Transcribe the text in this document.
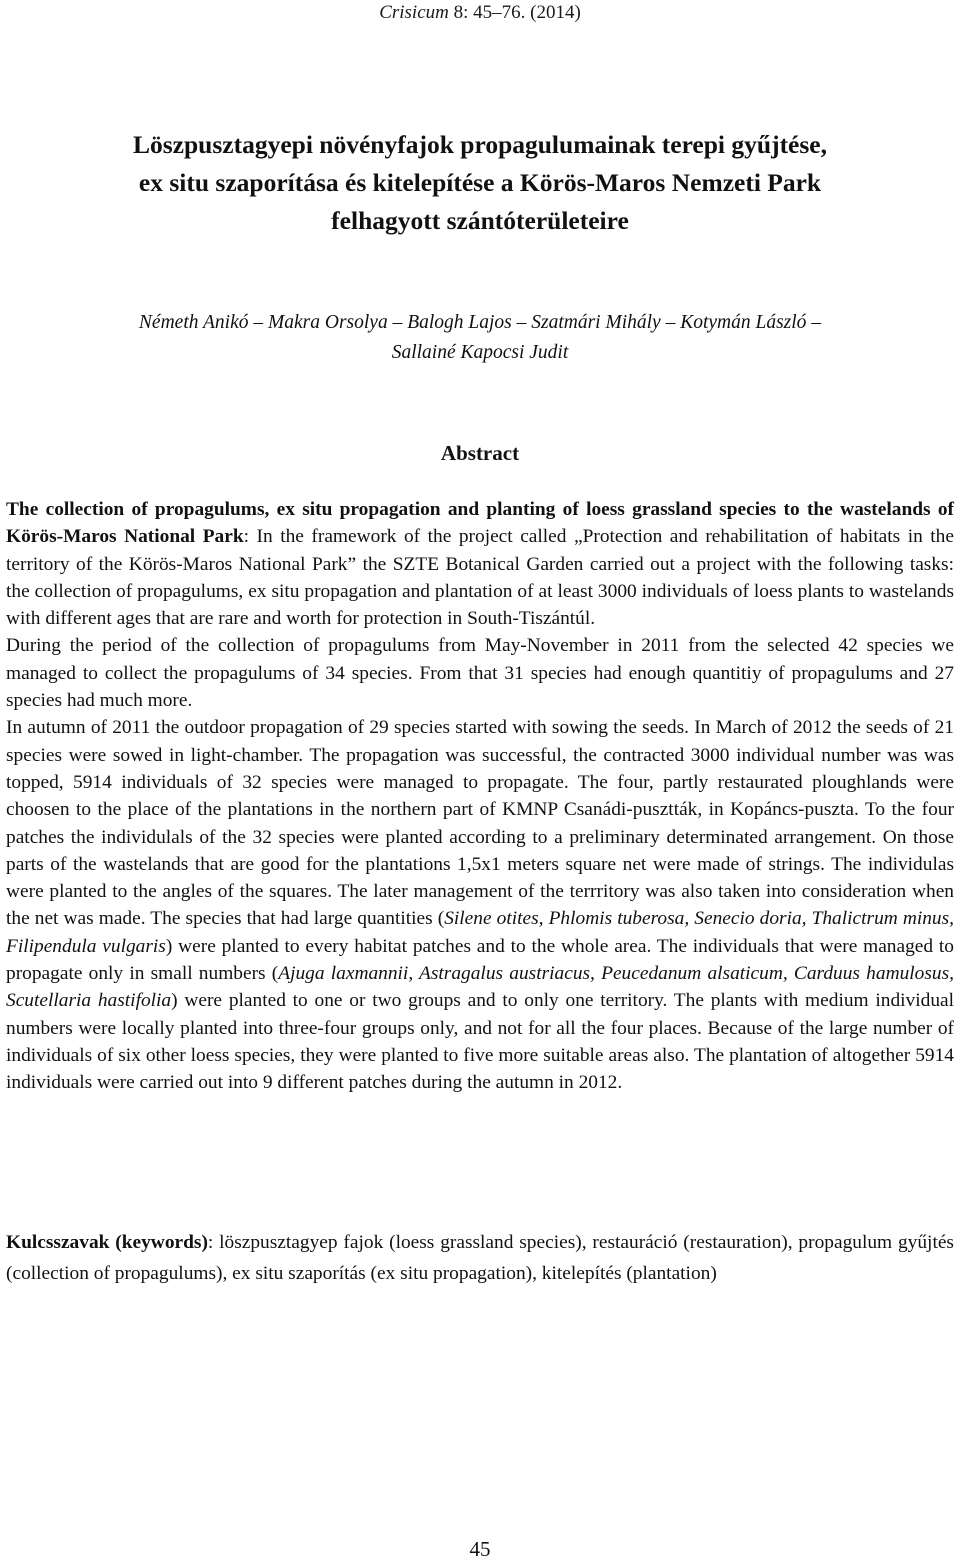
Crisicum 8: 45–76. (2014)
Löszpusztagyepi növényfajok propagulumainak terepi gyűjtése,
ex situ szaporítása és kitelepítése a Körös-Maros Nemzeti Park
felhagyott szántóterületeire
Németh Anikó – Makra Orsolya – Balogh Lajos – Szatmári Mihály – Kotymán László –
Sallainé Kapocsi Judit
Abstract

The collection of propagulums, ex situ propagation and planting of loess grassland species to the wastelands of Körös-Maros National Park: In the framework of the project called „Protection and rehabilitation of habitats in the territory of the Körös-Maros National Park” the SZTE Botanical Garden carried out a project with the following tasks: the collection of propagulums, ex situ propagation and plantation of at least 3000 individuals of loess plants to wastelands with different ages that are rare and worth for protection in South-Tiszántúl.

During the period of the collection of propagulums from May-November in 2011 from the selected 42 species we managed to collect the propagulums of 34 species. From that 31 species had enough quantitiy of propagulums and 27 species had much more.

In autumn of 2011 the outdoor propagation of 29 species started with sowing the seeds. In March of 2012 the seeds of 21 species were sowed in light-chamber. The propagation was successful, the contracted 3000 individual number was was topped, 5914 individuals of 32 species were managed to propagate. The four, partly restaurated ploughlands were choosen to the place of the plantations in the northern part of KMNP Csanádi-pusztták, in Kopáncs-puszta. To the four patches the individulals of the 32 species were planted according to a preliminary determinated arrangement. On those parts of the wastelands that are good for the plantations 1,5x1 meters square net were made of strings. The individulas were planted to the angles of the squares. The later management of the terrritory was also taken into consideration when the net was made. The species that had large quantities (Silene otites, Phlomis tuberosa, Senecio doria, Thalictrum minus, Filipendula vulgaris) were planted to every habitat patches and to the whole area. The individuals that were managed to propagate only in small numbers (Ajuga laxmannii, Astragalus austriacus, Peucedanum alsaticum, Carduus hamulosus, Scutellaria hastifolia) were planted to one or two groups and to only one territory. The plants with medium individual numbers were locally planted into three-four groups only, and not for all the four places. Because of the large number of individuals of six other loess species, they were planted to five more suitable areas also. The plantation of altogether 5914 individuals were carried out into 9 different patches during the autumn in 2012.

Kulcsszavak (keywords): löszpusztagyep fajok (loess grassland species), restauráció (restauration), propagulum gyűjtés (collection of propagulums), ex situ szaporítás (ex situ propagation), kitelepítés (plantation)

45
